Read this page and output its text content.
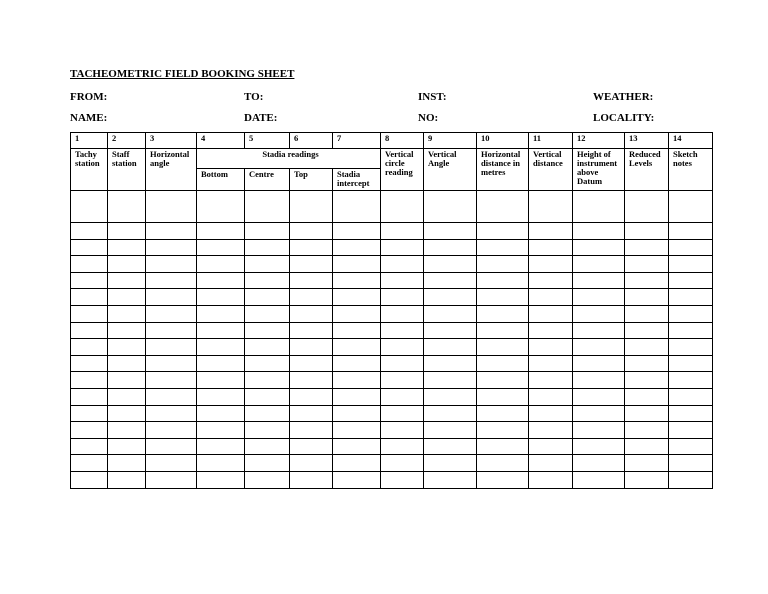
TACHEOMETRIC FIELD BOOKING SHEET
FROM:	TO:	INST:	WEATHER:
NAME:	DATE:	NO:	LOCALITY:
1	2	3	4	5	6	7	8	9	10	11	12	13	14
Tachy station	Staff station	Horizontal angle	Stadia readings				Vertical circle reading	Vertical Angle	Horizontal distance in metres	Vertical distance	Height of instrument above Datum	Reduced Levels	Sketch notes
			Bottom	Centre	Top	Stadia intercept							
